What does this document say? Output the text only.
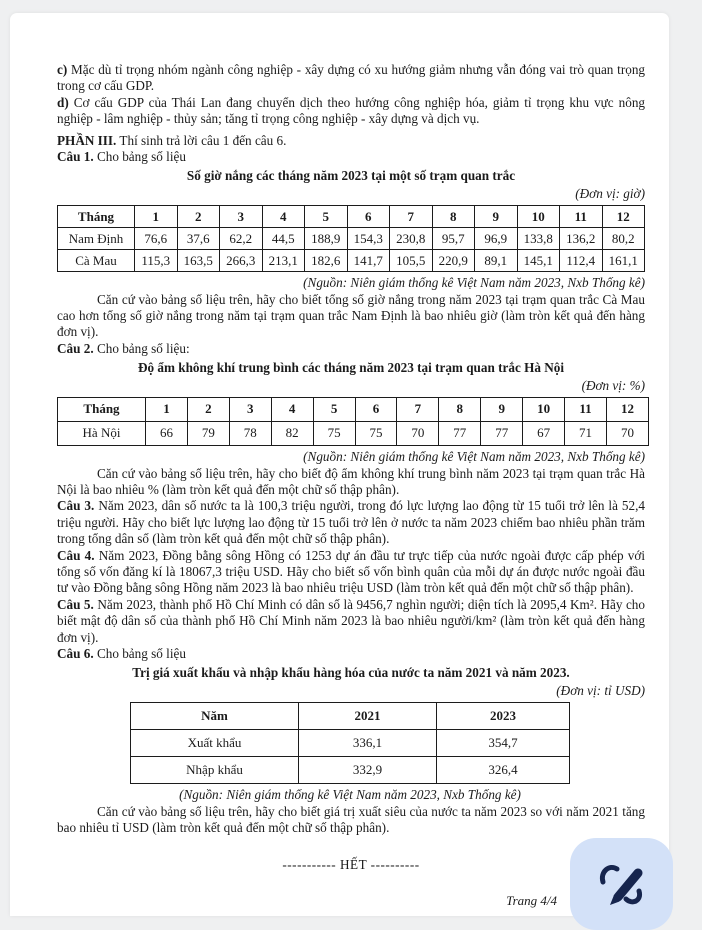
c) Mặc dù tỉ trọng nhóm ngành công nghiệp - xây dựng có xu hướng giảm nhưng vẫn đóng vai trò quan trọng trong cơ cấu GDP.

d) Cơ cấu GDP của Thái Lan đang chuyển dịch theo hướng công nghiệp hóa, giảm tỉ trọng khu vực nông nghiệp - lâm nghiệp - thủy sản; tăng tỉ trọng công nghiệp - xây dựng và dịch vụ.

PHẦN III. Thí sinh trả lời câu 1 đến câu 6.

Câu 1. Cho bảng số liệu

Số giờ nắng các tháng năm 2023 tại một số trạm quan trắc
(Đơn vị: giờ)
Tháng	1	2	3	4	5	6	7	8	9	10	11	12
Nam Định	76,6	37,6	62,2	44,5	188,9	154,3	230,8	95,7	96,9	133,8	136,2	80,2
Cà Mau	115,3	163,5	266,3	213,1	182,6	141,7	105,5	220,9	89,1	145,1	112,4	161,1
(Nguồn: Niên giám thống kê Việt Nam năm 2023, Nxb Thống kê)

Căn cứ vào bảng số liệu trên, hãy cho biết tổng số giờ nắng trong năm 2023 tại trạm quan trắc Cà Mau cao hơn tổng số giờ nắng trong năm tại trạm quan trắc Nam Định là bao nhiêu giờ (làm tròn kết quả đến hàng đơn vị).

Câu 2. Cho bảng số liệu:

Độ ẩm không khí trung bình các tháng năm 2023 tại trạm quan trắc Hà Nội
(Đơn vị: %)
Tháng	1	2	3	4	5	6	7	8	9	10	11	12
Hà Nội	66	79	78	82	75	75	70	77	77	67	71	70
(Nguồn: Niên giám thống kê Việt Nam năm 2023, Nxb Thống kê)

Căn cứ vào bảng số liệu trên, hãy cho biết độ ẩm không khí trung bình năm 2023 tại trạm quan trắc Hà Nội là bao nhiêu % (làm tròn kết quả đến một chữ số thập phân).

Câu 3. Năm 2023, dân số nước ta là 100,3 triệu người, trong đó lực lượng lao động từ 15 tuổi trở lên là 52,4 triệu người. Hãy cho biết lực lượng lao động từ 15 tuổi trở lên ở nước ta năm 2023 chiếm bao nhiêu phần trăm trong tổng dân số (làm tròn kết quả đến một chữ số thập phân).

Câu 4. Năm 2023, Đồng bằng sông Hồng có 1253 dự án đầu tư trực tiếp của nước ngoài được cấp phép với tổng số vốn đăng kí là 18067,3 triệu USD. Hãy cho biết số vốn bình quân của mỗi dự án được nước ngoài đầu tư vào Đồng bằng sông Hồng năm 2023 là bao nhiêu triệu USD (làm tròn kết quả đến một chữ số thập phân).

Câu 5. Năm 2023, thành phố Hồ Chí Minh có dân số là 9456,7 nghìn người; diện tích là 2095,4 Km². Hãy cho biết mật độ dân số của thành phố Hồ Chí Minh năm 2023 là bao nhiêu người/km² (làm tròn kết quả đến hàng đơn vị).

Câu 6. Cho bảng số liệu

Trị giá xuất khẩu và nhập khẩu hàng hóa của nước ta năm 2021 và năm 2023.
(Đơn vị: tỉ USD)
Năm	2021	2023
Xuất khẩu	336,1	354,7
Nhập khẩu	332,9	326,4
(Nguồn: Niên giám thống kê Việt Nam năm 2023, Nxb Thống kê)

Căn cứ vào bảng số liệu trên, hãy cho biết giá trị xuất siêu của nước ta năm 2023 so với năm 2021 tăng bao nhiêu tỉ USD (làm tròn kết quả đến một chữ số thập phân).

----------- HẾT ----------
Trang 4/4
